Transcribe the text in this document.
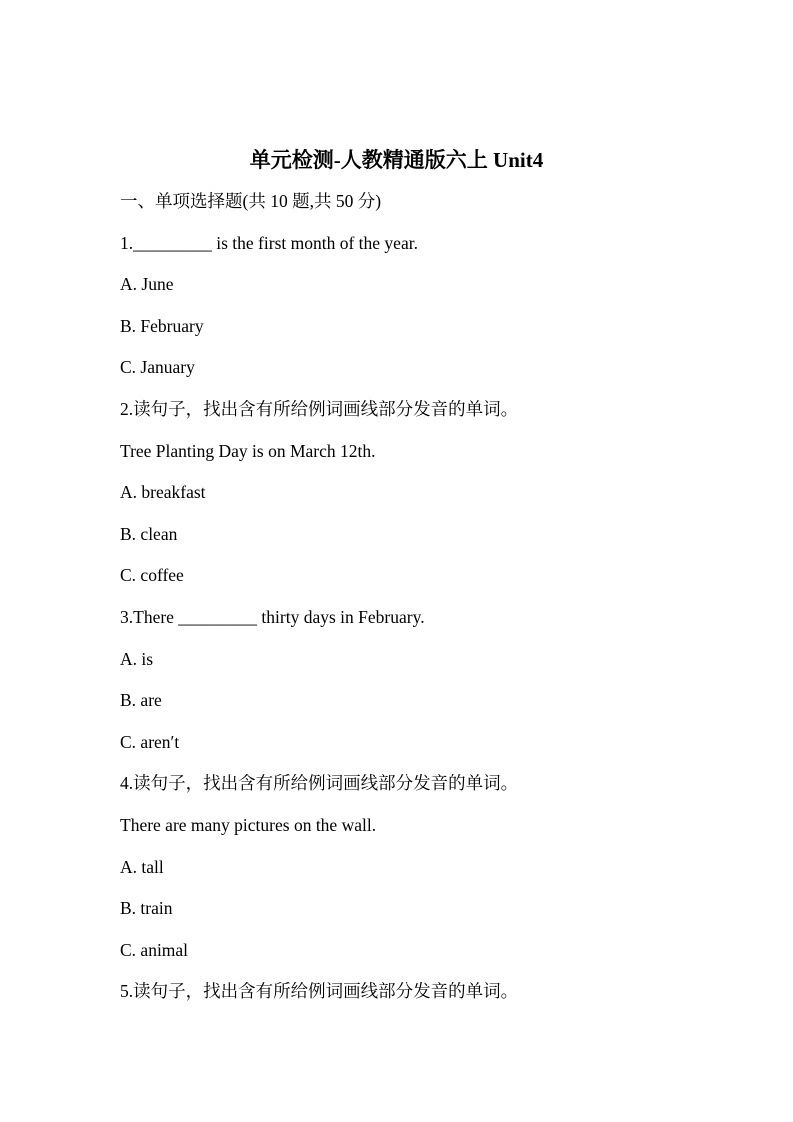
单元检测-人教精通版六上 Unit4
一、单项选择题(共 10 题,共 50 分)
1._________ is the first month of the year.
A. June
B. February
C. January
2.读句子，找出含有所给例词画线部分发音的单词。
Tree Planting Day is on March 12th.
A. breakfast
B. clean
C. coffee
3.There _________ thirty days in February.
A. is
B. are
C. aren′t
4.读句子，找出含有所给例词画线部分发音的单词。
There are many pictures on the wall.
A. tall
B. train
C. animal
5.读句子，找出含有所给例词画线部分发音的单词。
